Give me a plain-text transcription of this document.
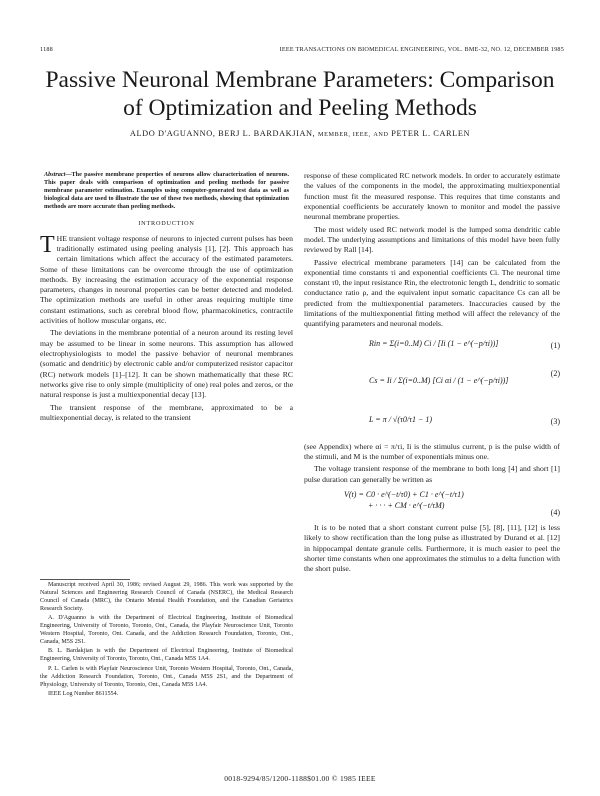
1188	IEEE TRANSACTIONS ON BIOMEDICAL ENGINEERING, VOL. BME-32, NO. 12, DECEMBER 1985
Passive Neuronal Membrane Parameters: Comparison
of Optimization and Peeling Methods
ALDO D'AGUANNO, BERJ L. BARDAKJIAN, MEMBER, IEEE, AND PETER L. CARLEN
Abstract—The passive membrane properties of neurons allow characterization of neurons. This paper deals with comparison of optimization and peeling methods for passive membrane parameter estimation. Examples using computer-generated test data as well as biological data are used to illustrate the use of these two methods, showing that optimization methods are more accurate than peeling methods.
INTRODUCTION

THE transient voltage response of neurons to injected current pulses has been traditionally estimated using peeling analysis [1], [2]. This approach has certain limitations which affect the accuracy of the estimated parameters. Some of these limitations can be overcome through the use of optimization methods. By increasing the estimation accuracy of the exponential response parameters, changes in neuronal properties can be better detected and modeled. The optimization methods are useful in other areas requiring multiple time constant estimations, such as cerebral blood flow, pharmacokinetics, contractile activities of hollow muscular organs, etc.

The deviations in the membrane potential of a neuron around its resting level may be assumed to be linear in some neurons. This assumption has allowed electrophysiologists to model the passive behavior of neuronal membranes (somatic and dendritic) by electronic cable and/or computerized resistor capacitor (RC) network models [1]–[12]. It can be shown mathematically that these RC networks give rise to only simple (multiplicity of one) real poles and zeros, or the natural response is just a multiexponential decay [13].

The transient response of the membrane, approximated to be a multiexponential decay, is related to the transient

Manuscript received April 30, 1986; revised August 29, 1986. This work was supported by the Natural Sciences and Engineering Research Council of Canada (NSERC), the Medical Research Council of Canada (MRC), the Ontario Mental Health Foundation, and the Canadian Geriatrics Research Society.

A. D'Aguanno is with the Department of Electrical Engineering, Institute of Biomedical Engineering, University of Toronto, Toronto, Ont., Canada, the Playfair Neuroscience Unit, Toronto Western Hospital, Toronto, Ont. Canada, and the Addiction Research Foundation, Toronto, Ont., Canada, M5S 2S1.

B. L. Bardakjian is with the Department of Electrical Engineering, Institute of Biomedical Engineering, University of Toronto, Toronto, Ont., Canada M5S 1A4.

P. L. Carlen is with Playfair Neuroscience Unit, Toronto Western Hospital, Toronto, Ont., Canada, the Addiction Research Foundation, Toronto, Ont., Canada M5S 2S1, and the Department of Physiology, University of Toronto, Toronto, Ont., Canada M5S 1A4.

IEEE Log Number 8611554.

response of these complicated RC network models. In order to accurately estimate the values of the components in the model, the approximating multiexponential function must fit the measured response. This requires that time constants and exponential coefficients be accurately known to monitor and model the passive neuronal membrane properties.

The most widely used RC network model is the lumped soma dendritic cable model. The underlying assumptions and limitations of this model have been fully reviewed by Rall [14].

Passive electrical membrane parameters [14] can be calculated from the exponential time constants τi and exponential coefficients Ci. The neuronal time constant τ0, the input resistance Rin, the electrotonic length L, dendritic to somatic conductance ratio ρ, and the equivalent input somatic capacitance Cs can all be predicted from the multiexponential parameters. Inaccuracies caused by the limitations of the multiexponential fitting method will affect the relevancy of the quantifying parameters and neuronal models.

Rin = Σ(i=0..M) Ci / [Ii (1 − e^(−p/τi))]	(1)
Cs = Ii / Σ(i=0..M) [Ci αi / (1 − e^(−p/τi))]
(2)
L = π / √(τ0/τ1 − 1)	(3)

(see Appendix) where αi = π/τi, Ii is the stimulus current, p is the pulse width of the stimuli, and M is the number of exponentials minus one.

The voltage transient response of the membrane to both long [4] and short [1] pulse duration can generally be written as

V(t) = C0 · e^(−t/τ0) + C1 · e^(−t/τ1)
+ · · · + CM · e^(−t/τM)
(4)

It is to be noted that a short constant current pulse [5], [8], [11], [12] is less likely to show rectification than the long pulse as illustrated by Durand et al. [12] in hippocampal dentate granule cells. Furthermore, it is much easier to peel the shorter time constants when one approximates the stimulus to a delta function with the short pulse.

0018-9294/85/1200-1188$01.00 © 1985 IEEE
